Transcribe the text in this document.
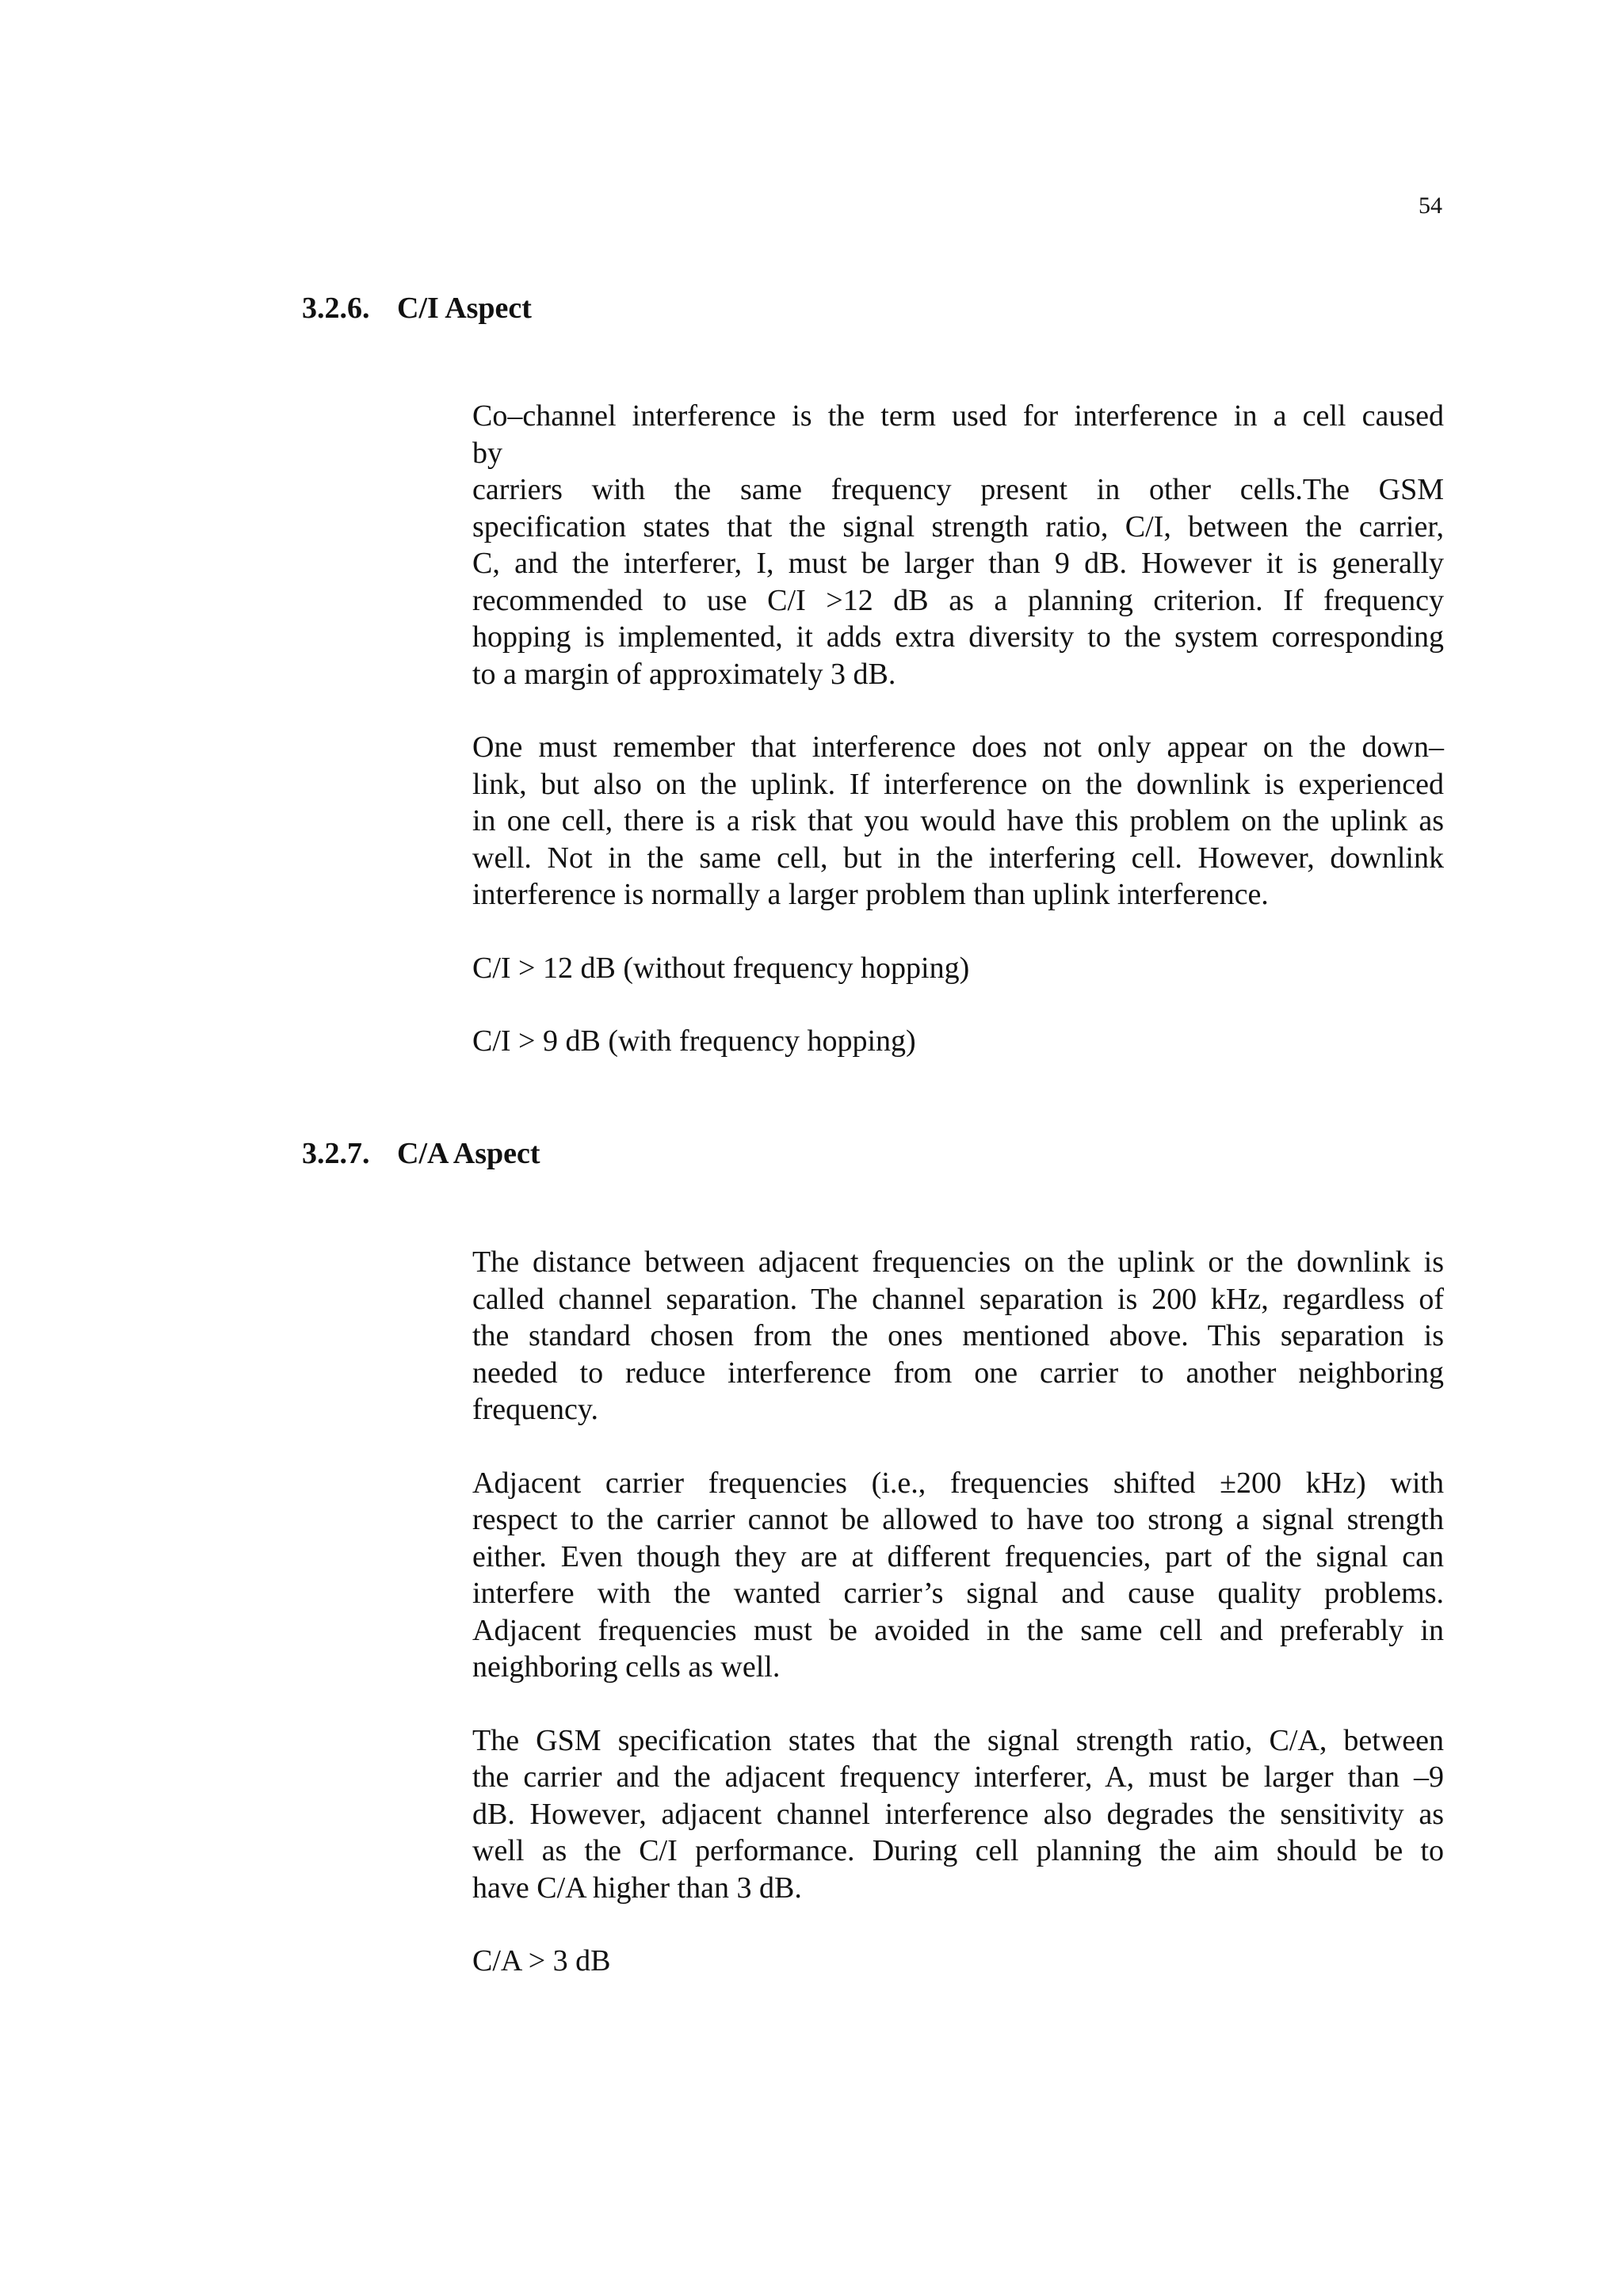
54
3.2.6. C/I Aspect

Co–channel interference is the term used for interference in a cell caused
by
carriers with the same frequency present in other cells.The GSM
specification states that the signal strength ratio, C/I, between the carrier,
C, and the interferer, I, must be larger than 9 dB. However it is generally
recommended to use C/I >12 dB as a planning criterion. If frequency
hopping is implemented, it adds extra diversity to the system corresponding
to a margin of approximately 3 dB.

One must remember that interference does not only appear on the down–
link, but also on the uplink. If interference on the downlink is experienced
in one cell, there is a risk that you would have this problem on the uplink as
well. Not in the same cell, but in the interfering cell. However, downlink
interference is normally a larger problem than uplink interference.

C/I > 12 dB (without frequency hopping)

C/I > 9 dB (with frequency hopping)

3.2.7. C/A Aspect

The distance between adjacent frequencies on the uplink or the downlink is
called channel separation. The channel separation is 200 kHz, regardless of
the standard chosen from the ones mentioned above. This separation is
needed to reduce interference from one carrier to another neighboring
frequency.

Adjacent carrier frequencies (i.e., frequencies shifted ±200 kHz) with
respect to the carrier cannot be allowed to have too strong a signal strength
either. Even though they are at different frequencies, part of the signal can
interfere with the wanted carrier’s signal and cause quality problems.
Adjacent frequencies must be avoided in the same cell and preferably in
neighboring cells as well.

The GSM specification states that the signal strength ratio, C/A, between
the carrier and the adjacent frequency interferer, A, must be larger than –9
dB. However, adjacent channel interference also degrades the sensitivity as
well as the C/I performance. During cell planning the aim should be to
have C/A higher than 3 dB.

C/A > 3 dB
